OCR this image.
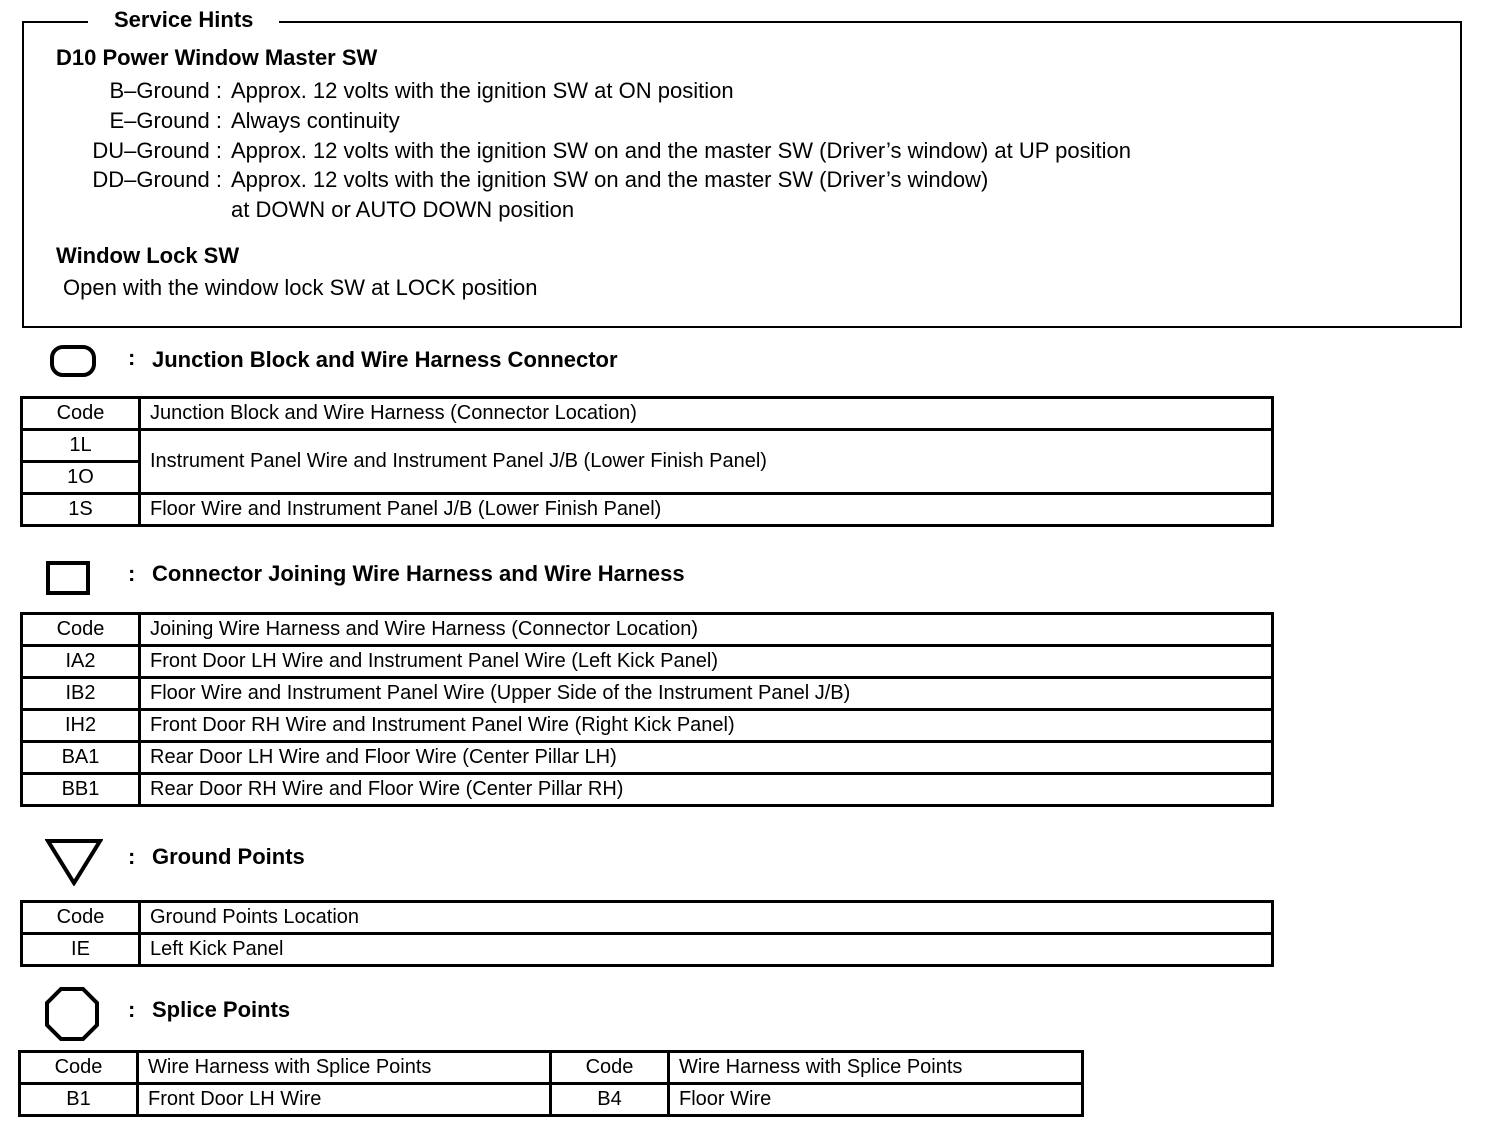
Service Hints
D10 Power Window Master SW
B–Ground : Approx. 12 volts with the ignition SW at ON position
E–Ground : Always continuity
DU–Ground : Approx. 12 volts with the ignition SW on and the master SW (Driver’s window) at UP position
DD–Ground : Approx. 12 volts with the ignition SW on and the master SW (Driver’s window)
at DOWN or AUTO DOWN position
Window Lock SW
Open with the window lock SW at LOCK position
: Junction Block and Wire Harness Connector
Code	Junction Block and Wire Harness (Connector Location)
1L	Instrument Panel Wire and Instrument Panel J/B (Lower Finish Panel)
1O	
1S	Floor Wire and Instrument Panel J/B (Lower Finish Panel)
: Connector Joining Wire Harness and Wire Harness
Code	Joining Wire Harness and Wire Harness (Connector Location)
IA2	Front Door LH Wire and Instrument Panel Wire (Left Kick Panel)
IB2	Floor Wire and Instrument Panel Wire (Upper Side of the Instrument Panel J/B)
IH2	Front Door RH Wire and Instrument Panel Wire (Right Kick Panel)
BA1	Rear Door LH Wire and Floor Wire (Center Pillar LH)
BB1	Rear Door RH Wire and Floor Wire (Center Pillar RH)
: Ground Points
Code	Ground Points Location
IE	Left Kick Panel
: Splice Points
Code	Wire Harness with Splice Points	Code	Wire Harness with Splice Points
B1	Front Door LH Wire	B4	Floor Wire
